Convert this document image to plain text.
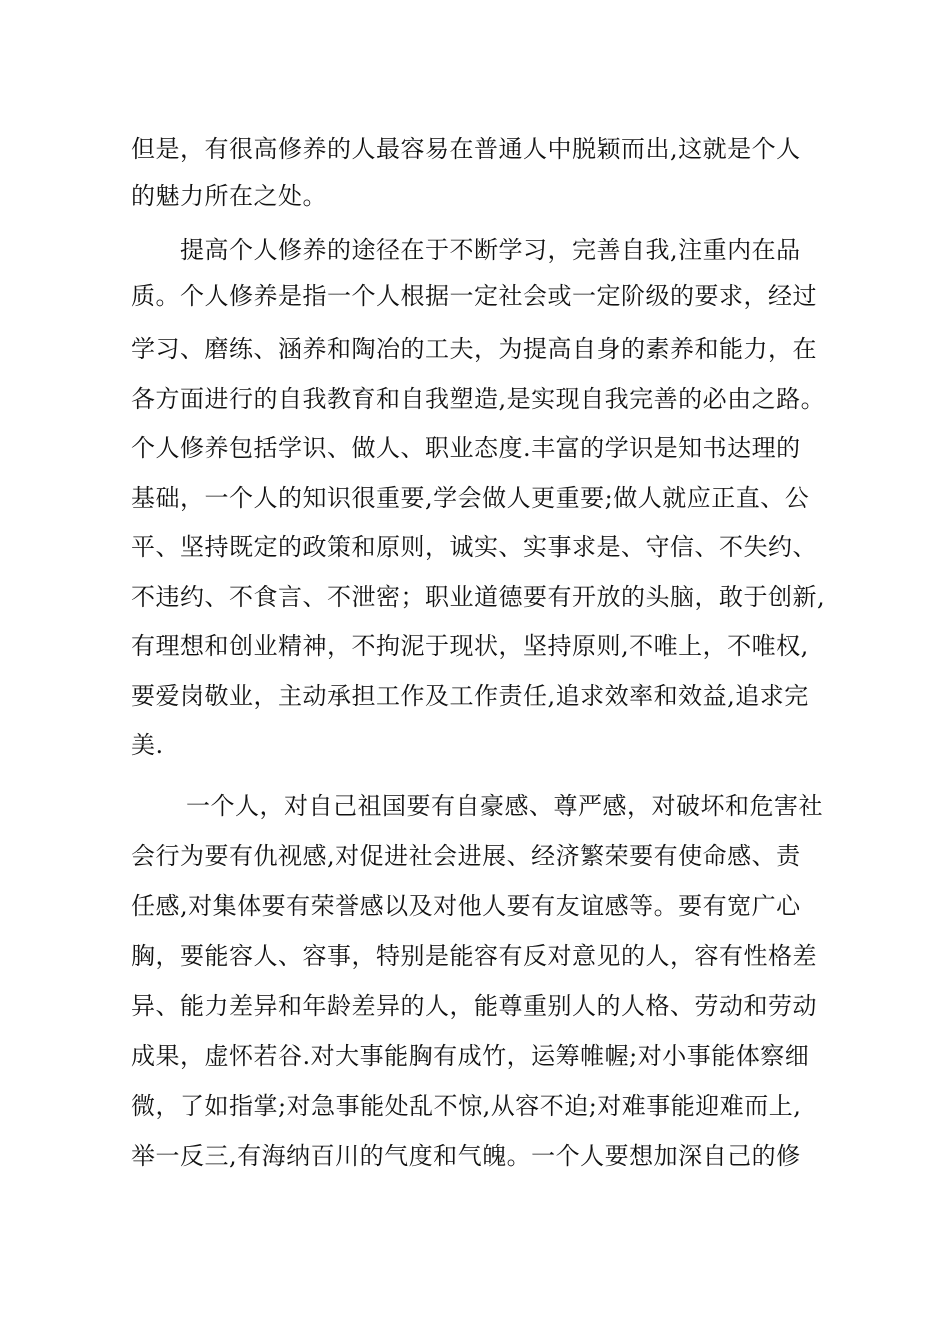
但是，有很高修养的人最容易在普通人中脱颖而出,这就是个人
的魅力所在之处。
提高个人修养的途径在于不断学习，完善自我,注重内在品
质。个人修养是指一个人根据一定社会或一定阶级的要求，经过
学习、磨练、涵养和陶冶的工夫，为提高自身的素养和能力，在
各方面进行的自我教育和自我塑造,是实现自我完善的必由之路。
个人修养包括学识、做人、职业态度.丰富的学识是知书达理的
基础，一个人的知识很重要,学会做人更重要;做人就应正直、公
平、坚持既定的政策和原则，诚实、实事求是、守信、不失约、
不违约、不食言、不泄密；职业道德要有开放的头脑，敢于创新,
有理想和创业精神，不拘泥于现状，坚持原则,不唯上，不唯权,
要爱岗敬业，主动承担工作及工作责任,追求效率和效益,追求完
美.
一个人，对自己祖国要有自豪感、尊严感，对破坏和危害社
会行为要有仇视感,对促进社会进展、经济繁荣要有使命感、责
任感,对集体要有荣誉感以及对他人要有友谊感等。要有宽广心
胸，要能容人、容事，特别是能容有反对意见的人，容有性格差
异、能力差异和年龄差异的人，能尊重别人的人格、劳动和劳动
成果，虚怀若谷.对大事能胸有成竹，运筹帷幄;对小事能体察细
微，了如指掌;对急事能处乱不惊,从容不迫;对难事能迎难而上,
举一反三,有海纳百川的气度和气魄。一个人要想加深自己的修
